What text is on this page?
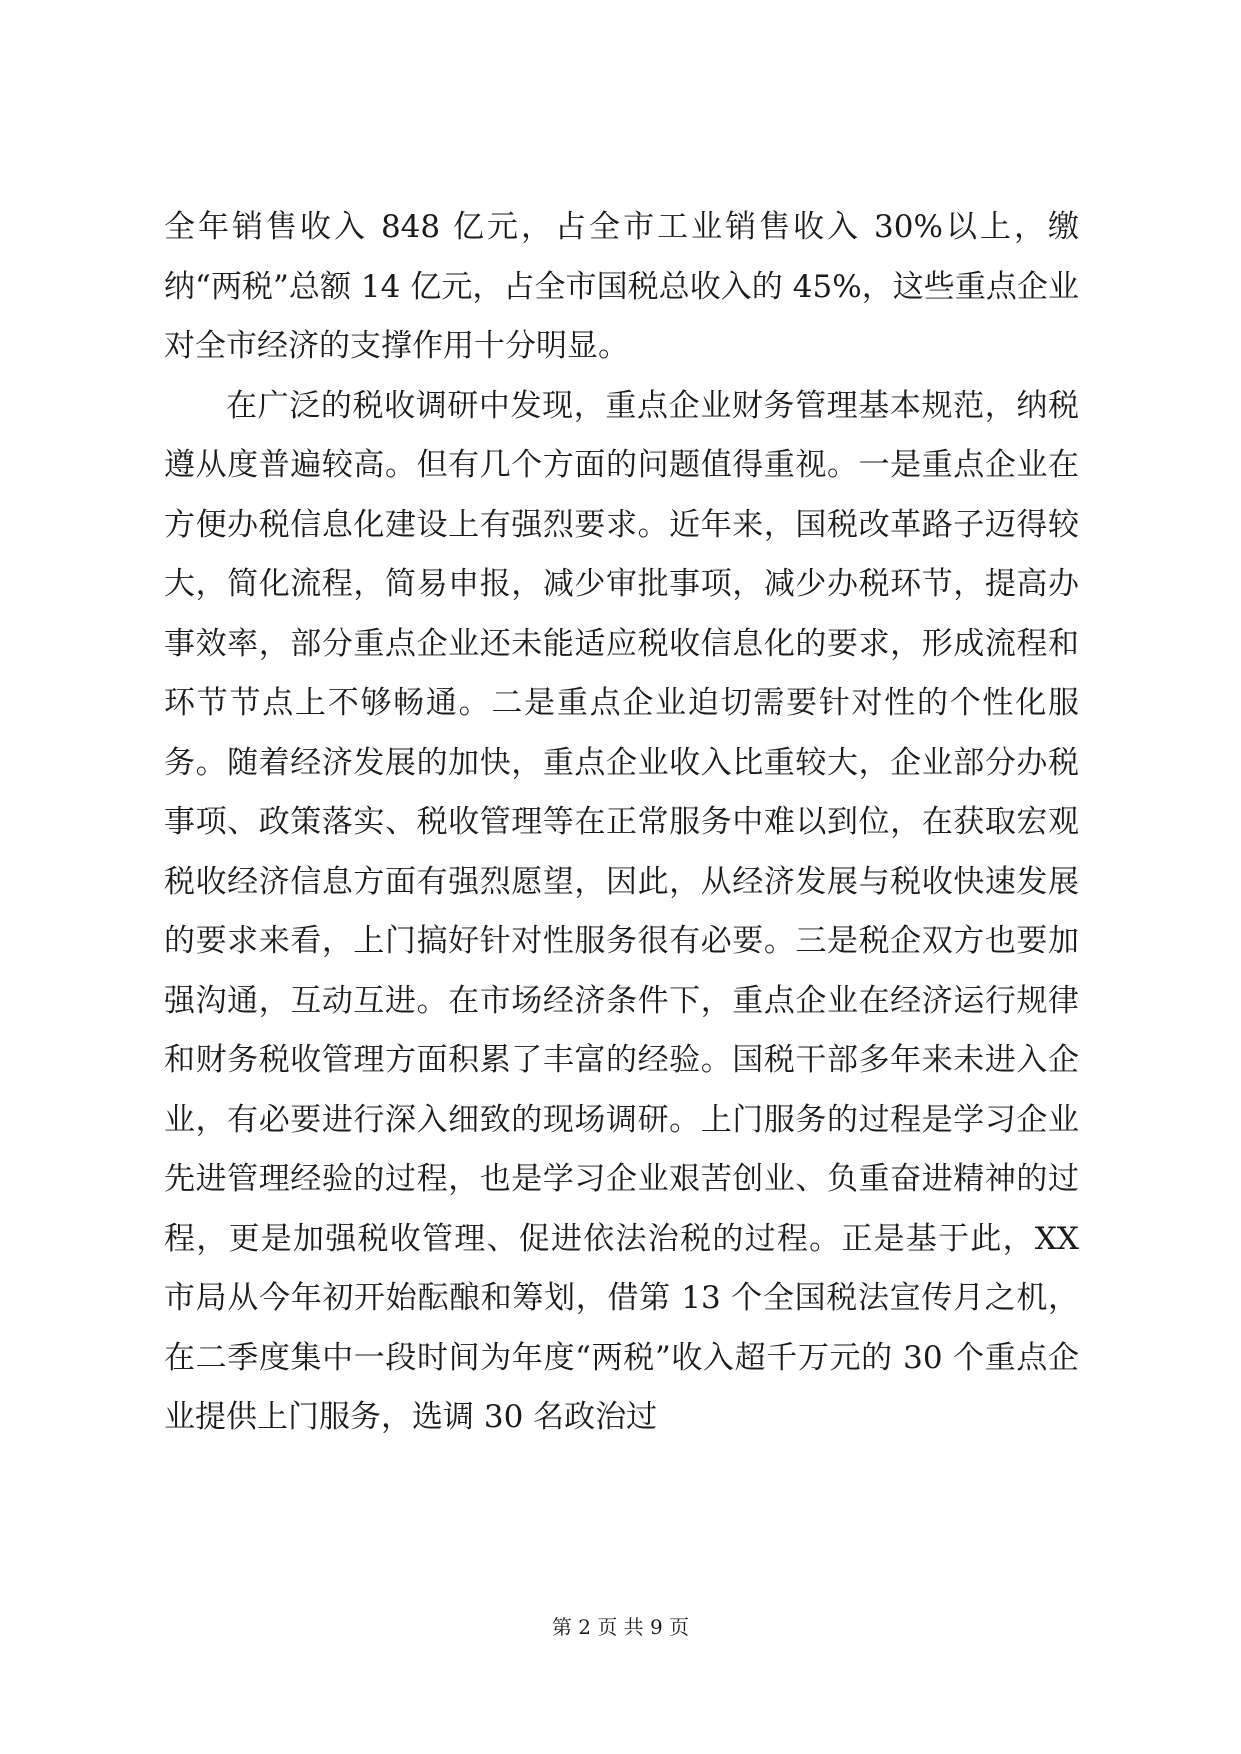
全年销售收入 848 亿元，占全市工业销售收入 30%以上，缴纳“两税”总额 14 亿元，占全市国税总收入的 45%，这些重点企业对全市经济的支撑作用十分明显。

在广泛的税收调研中发现，重点企业财务管理基本规范，纳税遵从度普遍较高。但有几个方面的问题值得重视。一是重点企业在方便办税信息化建设上有强烈要求。近年来，国税改革路子迈得较大，简化流程，简易申报，减少审批事项，减少办税环节，提高办事效率，部分重点企业还未能适应税收信息化的要求，形成流程和环节节点上不够畅通。二是重点企业迫切需要针对性的个性化服务。随着经济发展的加快，重点企业收入比重较大，企业部分办税事项、政策落实、税收管理等在正常服务中难以到位，在获取宏观税收经济信息方面有强烈愿望，因此，从经济发展与税收快速发展的要求来看，上门搞好针对性服务很有必要。三是税企双方也要加强沟通，互动互进。在市场经济条件下，重点企业在经济运行规律和财务税收管理方面积累了丰富的经验。国税干部多年来未进入企业，有必要进行深入细致的现场调研。上门服务的过程是学习企业先进管理经验的过程，也是学习企业艰苦创业、负重奋进精神的过程，更是加强税收管理、促进依法治税的过程。正是基于此，XX 市局从今年初开始酝酿和筹划，借第 13 个全国税法宣传月之机，在二季度集中一段时间为年度“两税”收入超千万元的 30 个重点企业提供上门服务，选调 30 名政治过

第 2 页 共 9 页
